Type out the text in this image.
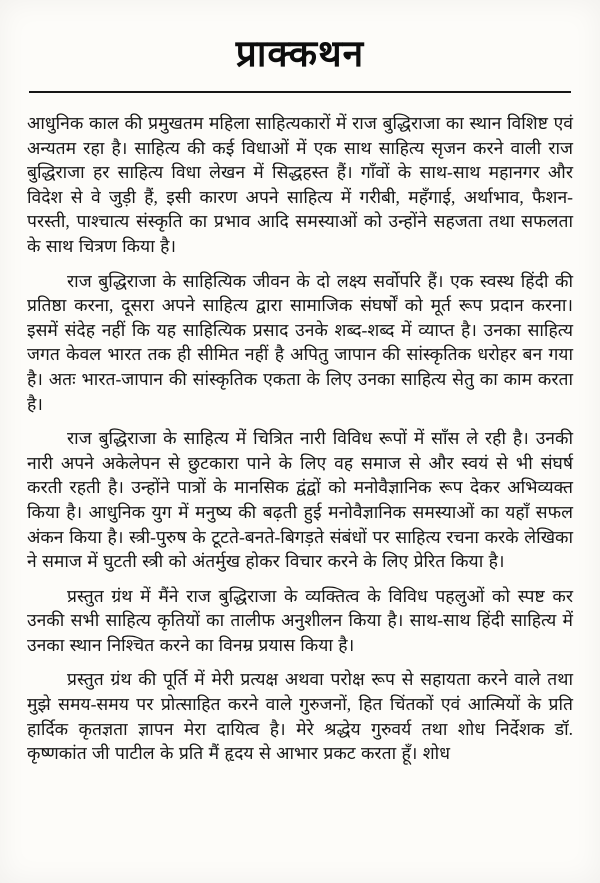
प्राक्कथन

आधुनिक काल की प्रमुखतम महिला साहित्यकारों में राज बुद्धिराजा का स्थान विशिष्ट एवं अन्यतम रहा है। साहित्य की कई विधाओं में एक साथ साहित्य सृजन करने वाली राज बुद्धिराजा हर साहित्य विधा लेखन में सिद्धहस्त हैं। गाँवों के साथ-साथ महानगर और विदेश से वे जुड़ी हैं, इसी कारण अपने साहित्य में गरीबी, महँगाई, अर्थाभाव, फैशन-परस्ती, पाश्चात्य संस्कृति का प्रभाव आदि समस्याओं को उन्होंने सहजता तथा सफलता के साथ चित्रण किया है।

राज बुद्धिराजा के साहित्यिक जीवन के दो लक्ष्य सर्वोपरि हैं। एक स्वस्थ हिंदी की प्रतिष्ठा करना, दूसरा अपने साहित्य द्वारा सामाजिक संघर्षों को मूर्त रूप प्रदान करना। इसमें संदेह नहीं कि यह साहित्यिक प्रसाद उनके शब्द-शब्द में व्याप्त है। उनका साहित्य जगत केवल भारत तक ही सीमित नहीं है अपितु जापान की सांस्कृतिक धरोहर बन गया है। अतः भारत-जापान की सांस्कृतिक एकता के लिए उनका साहित्य सेतु का काम करता है।

राज बुद्धिराजा के साहित्य में चित्रित नारी विविध रूपों में साँस ले रही है। उनकी नारी अपने अकेलेपन से छुटकारा पाने के लिए वह समाज से और स्वयं से भी संघर्ष करती रहती है। उन्होंने पात्रों के मानसिक द्वंद्वों को मनोवैज्ञानिक रूप देकर अभिव्यक्त किया है। आधुनिक युग में मनुष्य की बढ़ती हुई मनोवैज्ञानिक समस्याओं का यहाँ सफल अंकन किया है। स्त्री-पुरुष के टूटते-बनते-बिगड़ते संबंधों पर साहित्य रचना करके लेखिका ने समाज में घुटती स्त्री को अंतर्मुख होकर विचार करने के लिए प्रेरित किया है।

प्रस्तुत ग्रंथ में मैंने राज बुद्धिराजा के व्यक्तित्व के विविध पहलुओं को स्पष्ट कर उनकी सभी साहित्य कृतियों का तालीफ अनुशीलन किया है। साथ-साथ हिंदी साहित्य में उनका स्थान निश्चित करने का विनम्र प्रयास किया है।

प्रस्तुत ग्रंथ की पूर्ति में मेरी प्रत्यक्ष अथवा परोक्ष रूप से सहायता करने वाले तथा मुझे समय-समय पर प्रोत्साहित करने वाले गुरुजनों, हित चिंतकों एवं आत्मियों के प्रति हार्दिक कृतज्ञता ज्ञापन मेरा दायित्व है। मेरे श्रद्धेय गुरुवर्य तथा शोध निर्देशक डॉ. कृष्णकांत जी पाटील के प्रति मैं हृदय से आभार प्रकट करता हूँ। शोध
